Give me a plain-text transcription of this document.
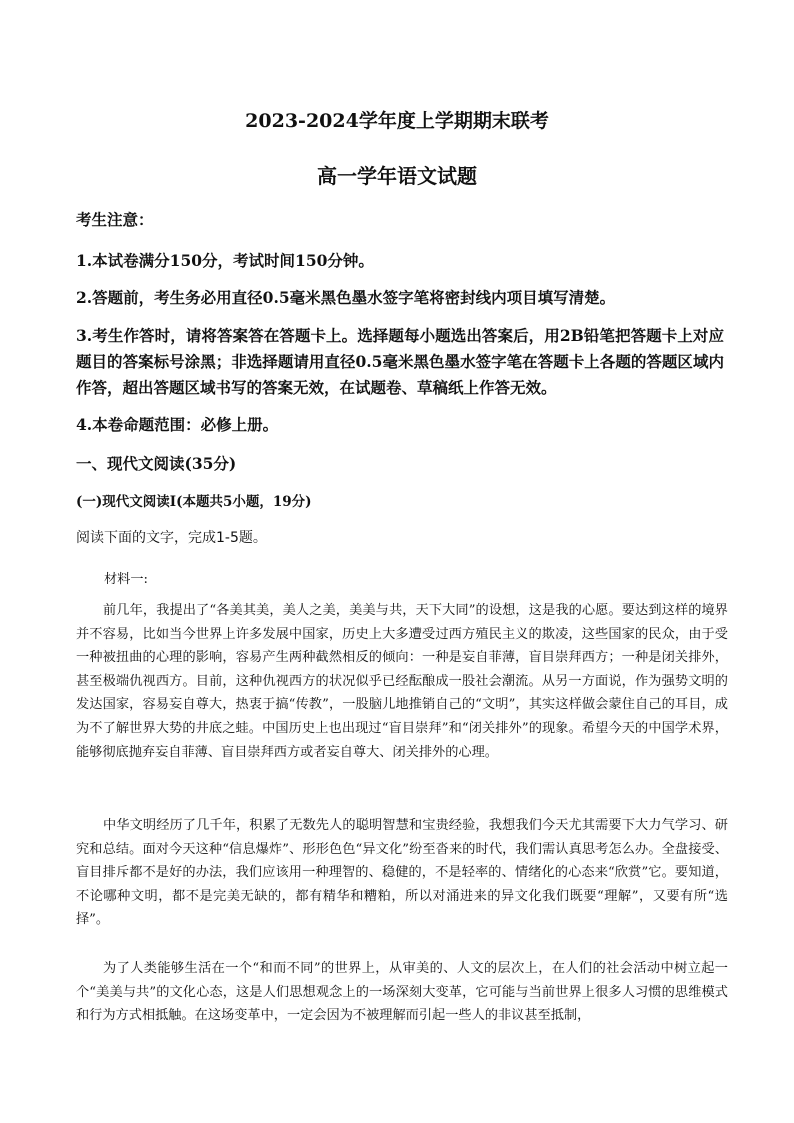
2023-2024学年度上学期期末联考
高一学年语文试题
考生注意：
1.本试卷满分150分，考试时间150分钟。
2.答题前，考生务必用直径0.5毫米黑色墨水签字笔将密封线内项目填写清楚。
3.考生作答时，请将答案答在答题卡上。选择题每小题选出答案后，用2B铅笔把答题卡上对应题目的答案标号涂黑；非选择题请用直径0.5毫米黑色墨水签字笔在答题卡上各题的答题区域内作答，超出答题区域书写的答案无效，在试题卷、草稿纸上作答无效。
4.本卷命题范围：必修上册。
一、现代文阅读(35分)
(一)现代文阅读Ⅰ(本题共5小题，19分)
阅读下面的文字，完成1-5题。
材料一:
前几年，我提出了“各美其美，美人之美，美美与共，天下大同”的设想，这是我的心愿。要达到这样的境界并不容易，比如当今世界上许多发展中国家，历史上大多遭受过西方殖民主义的欺凌，这些国家的民众，由于受一种被扭曲的心理的影响，容易产生两种截然相反的倾向：一种是妄自菲薄，盲目崇拜西方；一种是闭关排外，甚至极端仇视西方。目前，这种仇视西方的状况似乎已经酝酿成一股社会潮流。从另一方面说，作为强势文明的发达国家，容易妄自尊大，热衷于搞“传教”，一股脑儿地推销自己的“文明”，其实这样做会蒙住自己的耳目，成为不了解世界大势的井底之蛙。中国历史上也出现过“盲目崇拜”和“闭关排外”的现象。希望今天的中国学术界，能够彻底抛弃妄自菲薄、盲目崇拜西方或者妄自尊大、闭关排外的心理。
中华文明经历了几千年，积累了无数先人的聪明智慧和宝贵经验，我想我们今天尤其需要下大力气学习、研究和总结。面对今天这种“信息爆炸”、形形色色“异文化”纷至沓来的时代，我们需认真思考怎么办。全盘接受、盲目排斥都不是好的办法，我们应该用一种理智的、稳健的，不是轻率的、情绪化的心态来“欣赏”它。要知道，不论哪种文明，都不是完美无缺的，都有精华和糟粕，所以对涌进来的异文化我们既要“理解”，又要有所“选择”。
为了人类能够生活在一个“和而不同”的世界上，从审美的、人文的层次上，在人们的社会活动中树立起一个“美美与共”的文化心态，这是人们思想观念上的一场深刻大变革，它可能与当前世界上很多人习惯的思维模式和行为方式相抵触。在这场变革中，一定会因为不被理解而引起一些人的非议甚至抵制，
